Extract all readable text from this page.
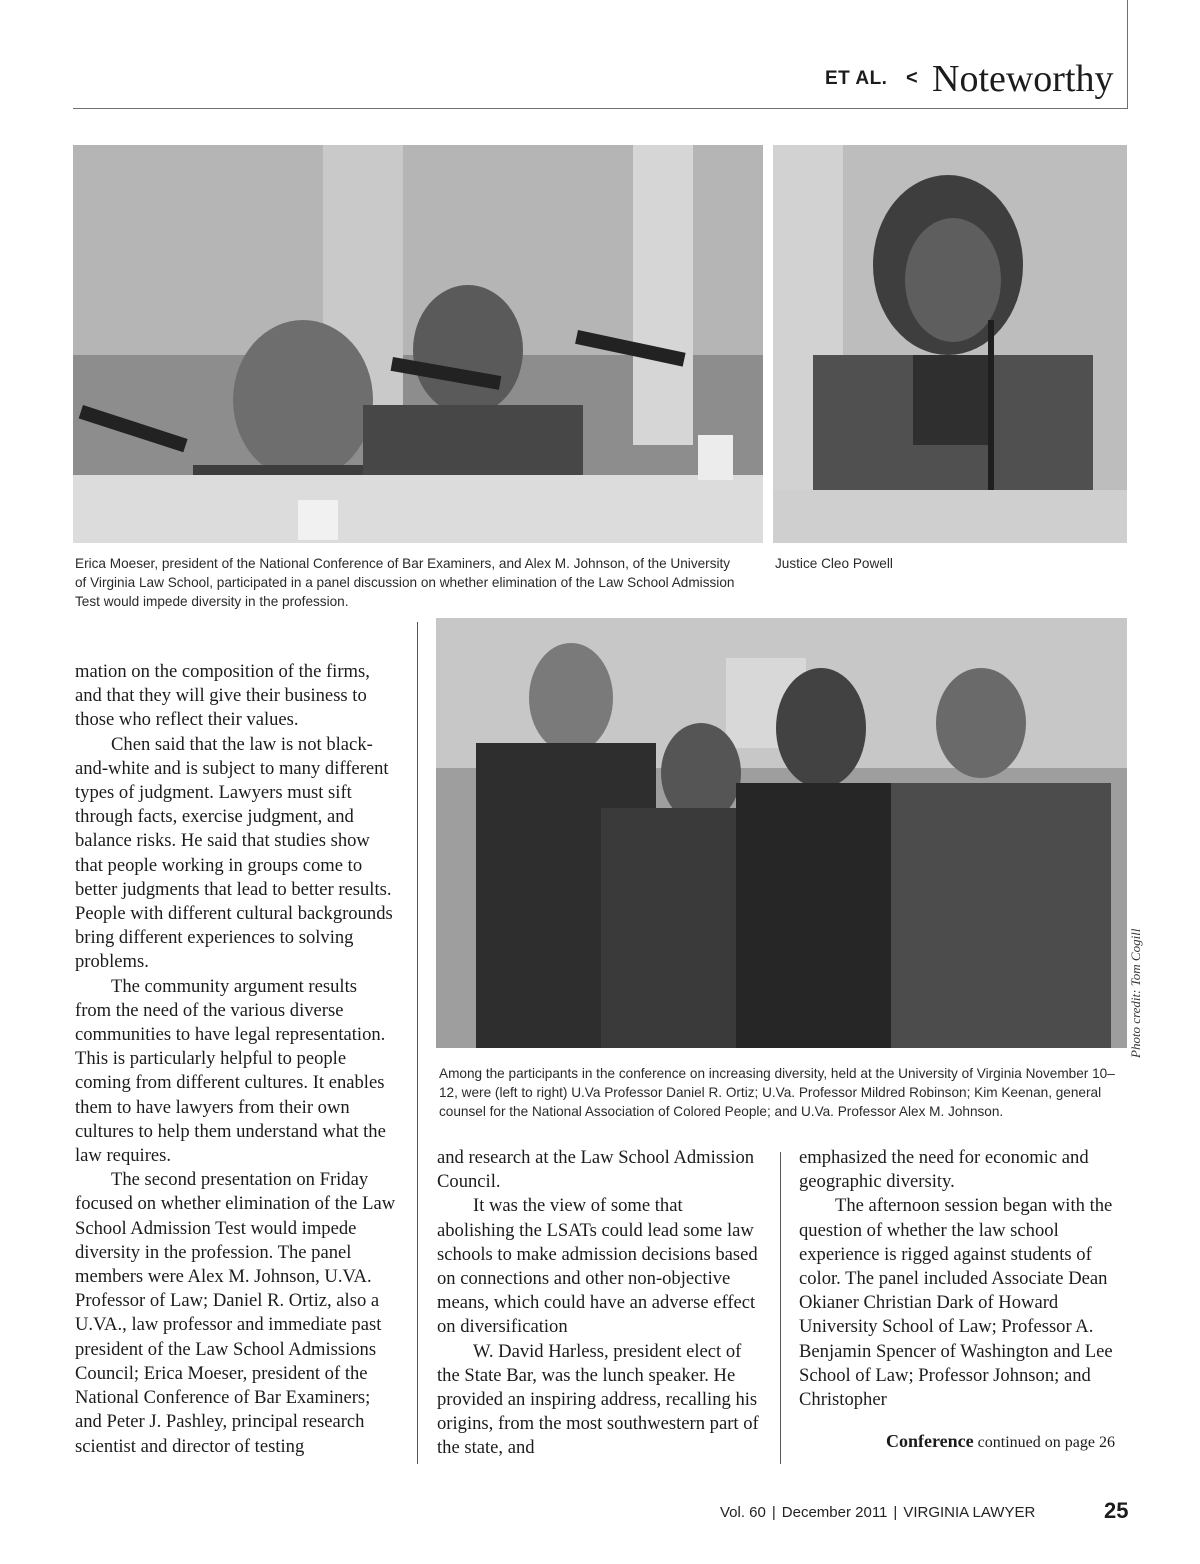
ET AL. < Noteworthy
Erica Moeser, president of the National Conference of Bar Examiners, and Alex M. Johnson, of the University of Virginia Law School, participated in a panel discussion on whether elimination of the Law School Admission Test would impede diversity in the profession.
Justice Cleo Powell

mation on the composition of the firms, and that they will give their business to those who reflect their values.

Chen said that the law is not black-and-white and is subject to many different types of judgment. Lawyers must sift through facts, exercise judgment, and balance risks. He said that studies show that people working in groups come to better judgments that lead to better results. People with different cultural backgrounds bring different experiences to solving problems.

The community argument results from the need of the various diverse communities to have legal representation. This is particularly helpful to people coming from different cultures. It enables them to have lawyers from their own cultures to help them understand what the law requires.

The second presentation on Friday focused on whether elimination of the Law School Admission Test would impede diversity in the profession. The panel members were Alex M. Johnson, U.VA. Professor of Law; Daniel R. Ortiz, also a U.VA., law professor and immediate past president of the Law School Admissions Council; Erica Moeser, president of the National Conference of Bar Examiners; and Peter J. Pashley, principal research scientist and director of testing

Photo credit: Tom Cogill
Among the participants in the conference on increasing diversity, held at the University of Virginia November 10–12, were (left to right) U.Va Professor Daniel R. Ortiz; U.Va. Professor Mildred Robinson; Kim Keenan, general counsel for the National Association of Colored People; and U.Va. Professor Alex M. Johnson.

and research at the Law School Admission Council.

It was the view of some that abolishing the LSATs could lead some law schools to make admission decisions based on connections and other non-objective means, which could have an adverse effect on diversification

W. David Harless, president elect of the State Bar, was the lunch speaker. He provided an inspiring address, recalling his origins, from the most southwestern part of the state, and

emphasized the need for economic and geographic diversity.

The afternoon session began with the question of whether the law school experience is rigged against students of color. The panel included Associate Dean Okianer Christian Dark of Howard University School of Law; Professor A. Benjamin Spencer of Washington and Lee School of Law; Professor Johnson; and Christopher

Conference continued on page 26
Vol. 60 | December 2011 | VIRGINIA LAWYER	25
